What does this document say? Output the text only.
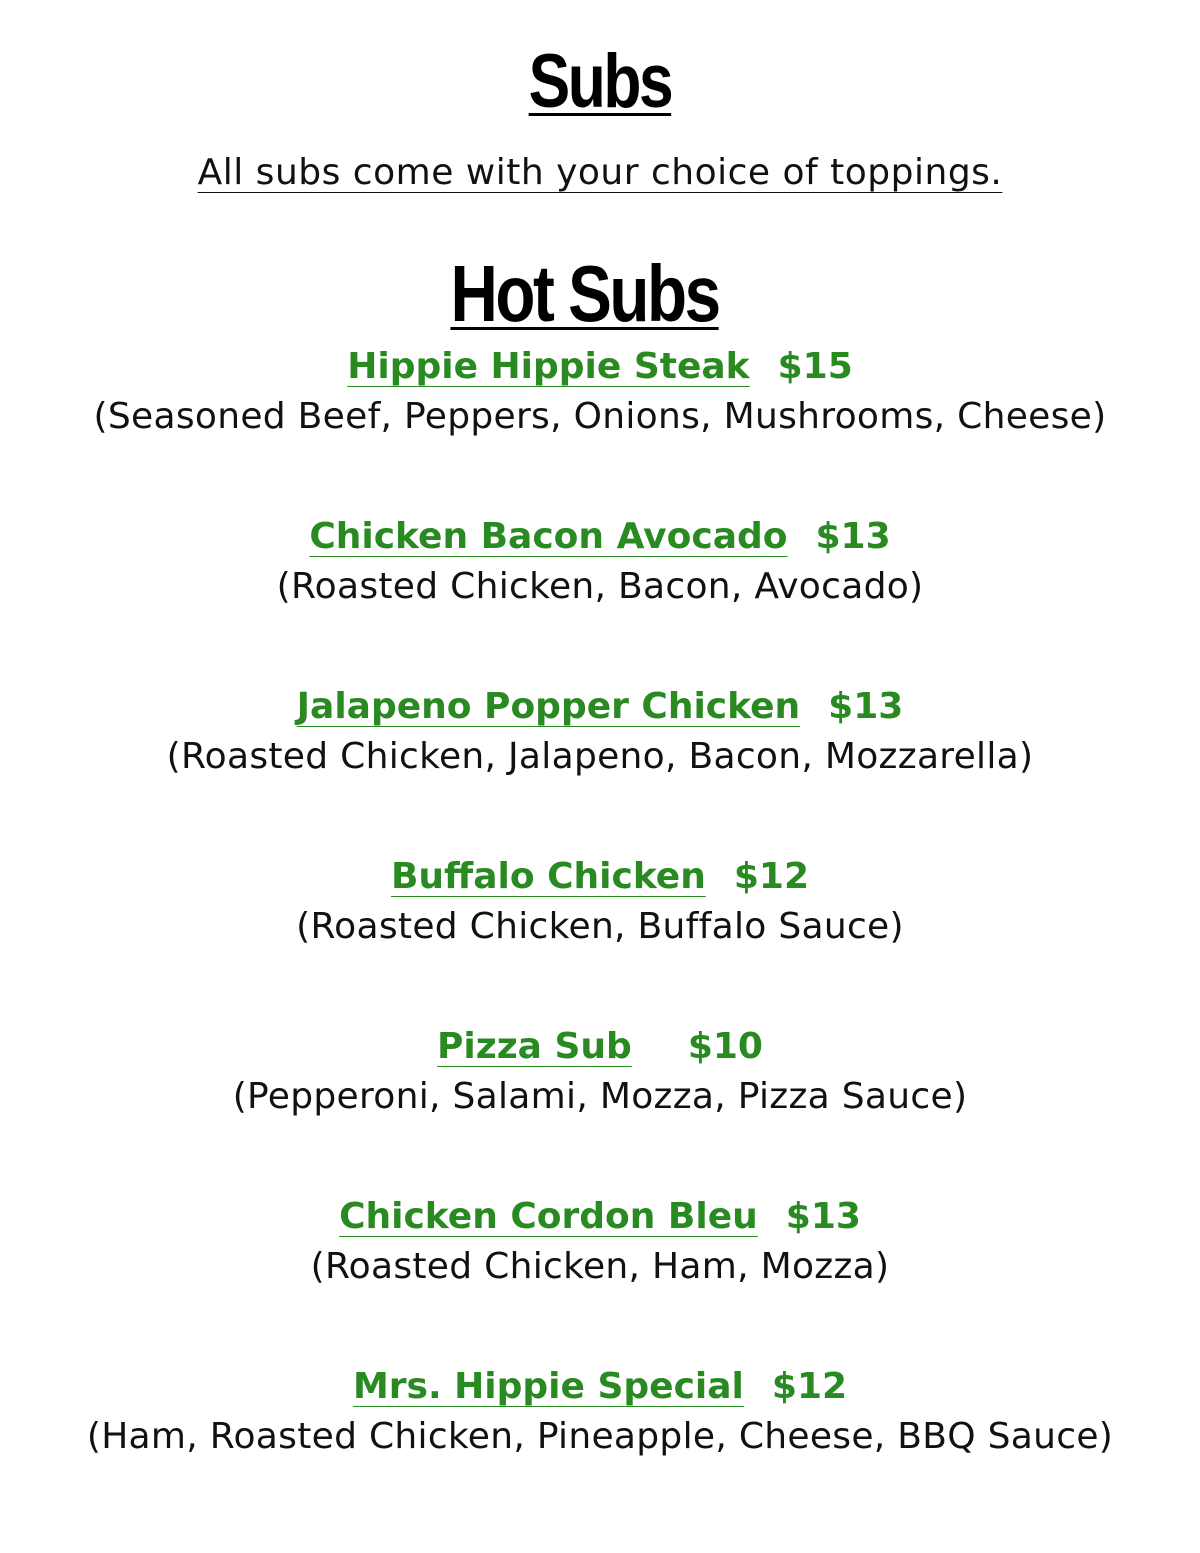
Subs
All subs come with your choice of toppings.
Hot Subs
Hippie Hippie Steak $15
(Seasoned Beef, Peppers, Onions, Mushrooms, Cheese)
Chicken Bacon Avocado $13
(Roasted Chicken, Bacon, Avocado)
Jalapeno Popper Chicken $13
(Roasted Chicken, Jalapeno, Bacon, Mozzarella)
Buffalo Chicken $12
(Roasted Chicken, Buffalo Sauce)
Pizza Sub $10
(Pepperoni, Salami, Mozza, Pizza Sauce)
Chicken Cordon Bleu $13
(Roasted Chicken, Ham, Mozza)
Mrs. Hippie Special $12
(Ham, Roasted Chicken, Pineapple, Cheese, BBQ Sauce)
